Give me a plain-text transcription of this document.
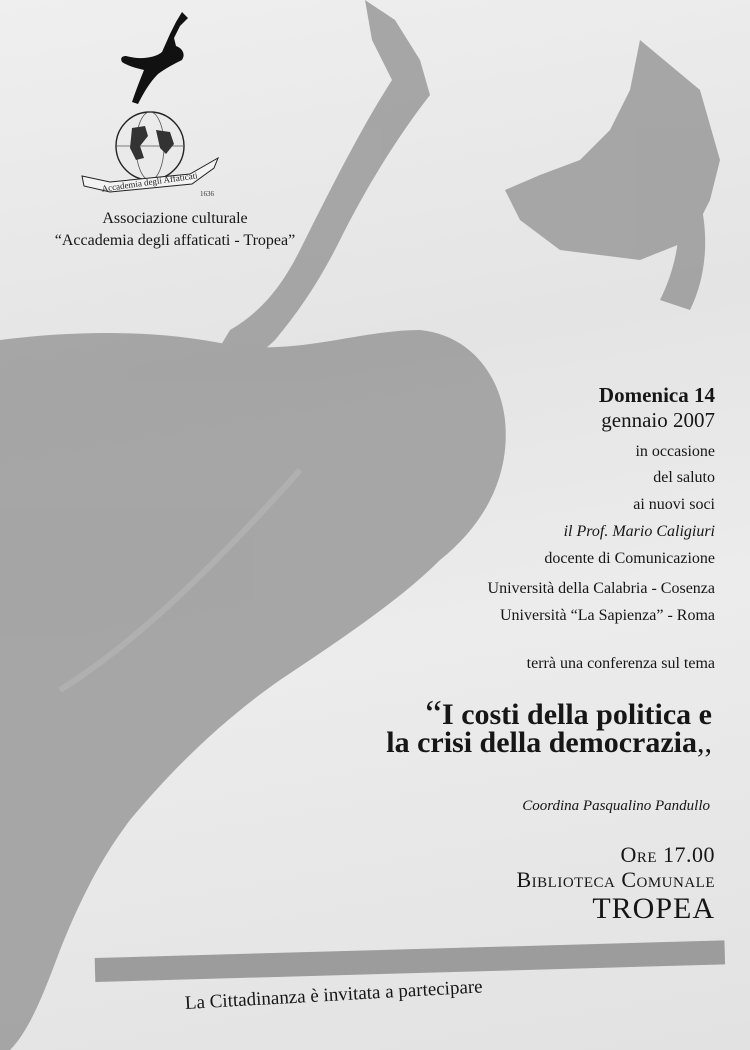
Accademia degli Affaticati
1636
Associazione culturale
“Accademia degli affaticati - Tropea”
Domenica 14
gennaio 2007
in occasione
del saluto
ai nuovi soci
il Prof. Mario Caligiuri
docente di Comunicazione
Università della Calabria - Cosenza
Università “La Sapienza” - Roma
terrà una conferenza sul tema
“I costi della politica e
la crisi della democrazia,,
Coordina Pasqualino Pandullo
Ore 17.00
Biblioteca Comunale
TROPEA
La Cittadinanza è invitata a partecipare
